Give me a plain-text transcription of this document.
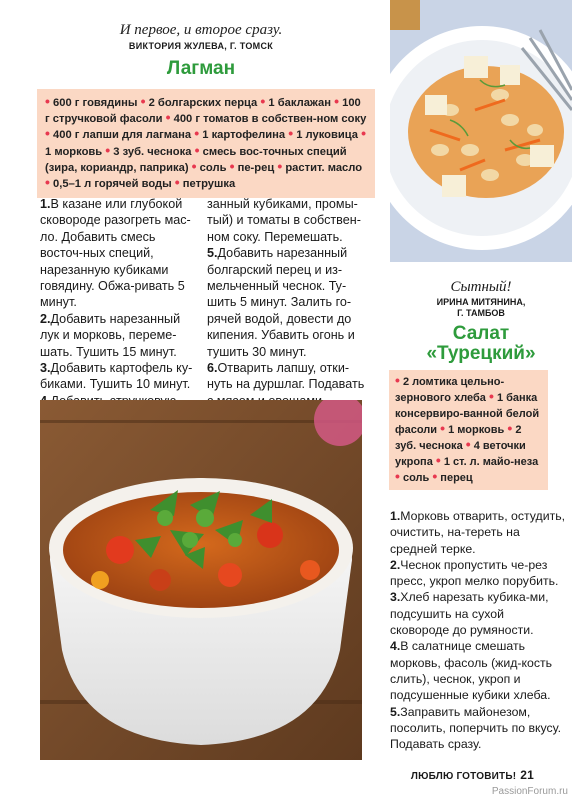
И первое, и второе сразу.
ВИКТОРИЯ ЖУЛЕВА, Г. ТОМСК
Лагман
• 600 г говядины • 2 болгарских перца • 1 баклажан • 100 г стручковой фасоли • 400 г томатов в собствен-ном соку • 400 г лапши для лагмана • 1 картофелина • 1 луковица • 1 морковь • 3 зуб. чеснока • смесь вос-точных специй (зира, кориандр, паприка) • соль • пе-рец • растит. масло • 0,5–1 л горячей воды • петрушка

1.В казане или глубокой сковороде разогреть мас-ло. Добавить смесь восточ-ных специй, нарезанную кубиками говядину. Обжа-ривать 5 минут.

2.Добавить нарезанный лук и морковь, переме-шать. Тушить 15 минут.

3.Добавить картофель ку-биками. Тушить 10 минут.

занный кубиками, промы-тый) и томаты в собствен-ном соку. Перемешать.

5.Добавить нарезанный болгарский перец и из-мельченный чеснок. Ту-шить 5 минут. Залить го-рячей водой, довести до кипения. Убавить огонь и тушить 30 минут.

6.Отварить лапшу, отки-нуть на дуршлаг. Подавать

Сытный!
ИРИНА МИТЯНИНА,
Г. ТАМБОВ
Салат
«Турецкий»
• 2 ломтика цельно-зернового хлеба • 1 банка консервиро-ванной белой фасоли • 1 морковь • 2 зуб. чеснока • 4 веточки укропа • 1 ст. л. майо-неза • соль • перец

1.Морковь отварить, остудить, очистить, на-тереть на средней терке.

2.Чеснок пропустить че-рез пресс, укроп мелко порубить.

3.Хлеб нарезать кубика-ми, подсушить на сухой сковороде до румяности.

4.В салатнице смешать морковь, фасоль (жид-кость слить), чеснок, укроп и подсушенные кубики хлеба.

5.Заправить майонезом, посолить, поперчить по вкусу. Подавать сразу.

ЛЮБЛЮ ГОТОВИТЬ! 21
PassionForum.ru
